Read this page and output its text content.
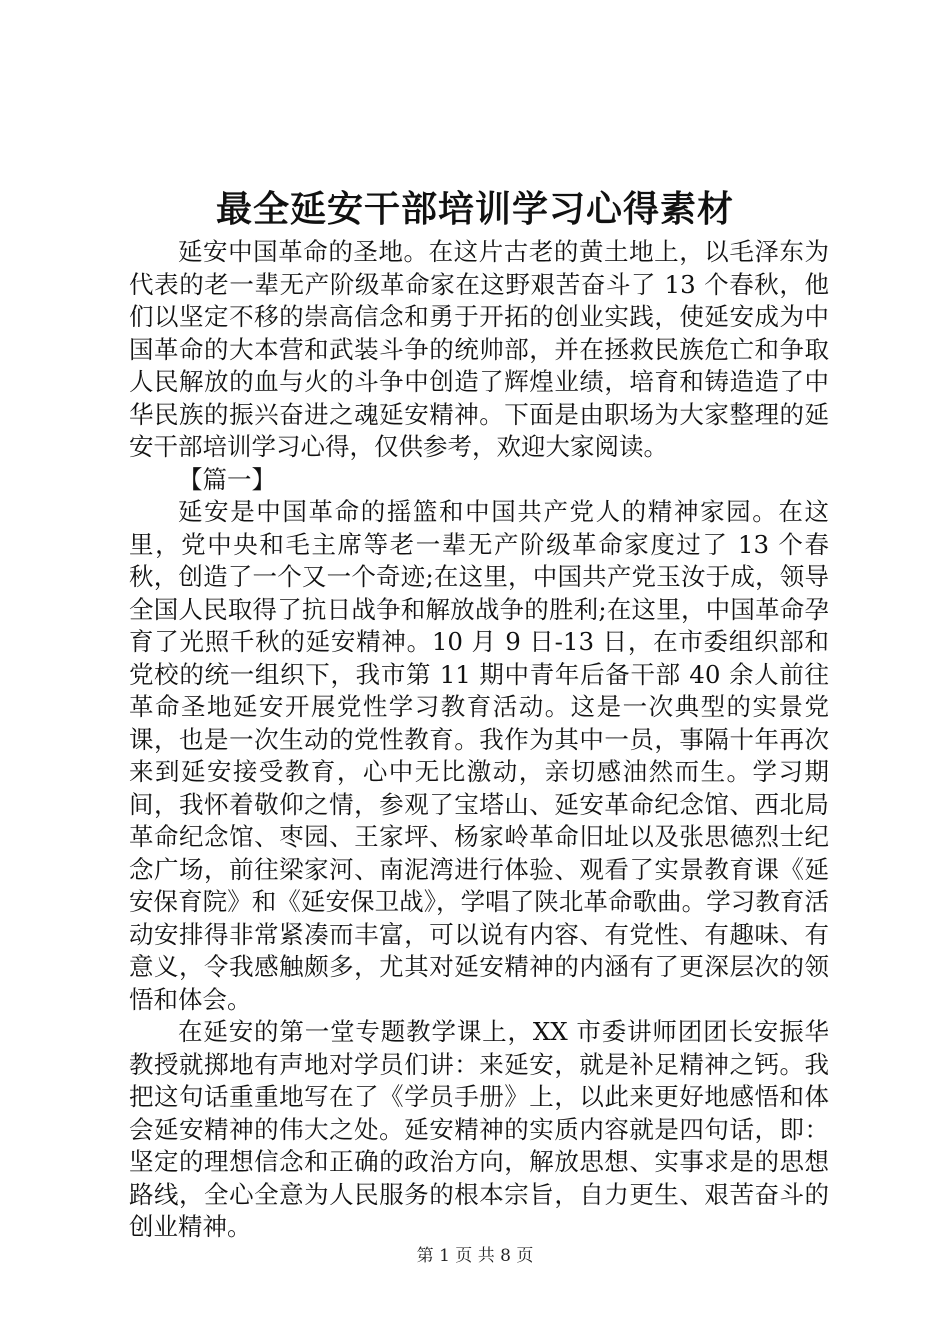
最全延安干部培训学习心得素材

延安中国革命的圣地。在这片古老的黄土地上，以毛泽东为代表的老一辈无产阶级革命家在这野艰苦奋斗了 13 个春秋，他们以坚定不移的崇高信念和勇于开拓的创业实践，使延安成为中国革命的大本营和武装斗争的统帅部，并在拯救民族危亡和争取人民解放的血与火的斗争中创造了辉煌业绩，培育和铸造造了中华民族的振兴奋进之魂延安精神。下面是由职场为大家整理的延安干部培训学习心得，仅供参考，欢迎大家阅读。

【篇一】

延安是中国革命的摇篮和中国共产党人的精神家园。在这里，党中央和毛主席等老一辈无产阶级革命家度过了 13 个春秋，创造了一个又一个奇迹;在这里，中国共产党玉汝于成，领导全国人民取得了抗日战争和解放战争的胜利;在这里，中国革命孕育了光照千秋的延安精神。10 月 9 日-13 日，在市委组织部和党校的统一组织下，我市第 11 期中青年后备干部 40 余人前往革命圣地延安开展党性学习教育活动。这是一次典型的实景党课，也是一次生动的党性教育。我作为其中一员，事隔十年再次来到延安接受教育，心中无比激动，亲切感油然而生。学习期间，我怀着敬仰之情，参观了宝塔山、延安革命纪念馆、西北局革命纪念馆、枣园、王家坪、杨家岭革命旧址以及张思德烈士纪念广场，前往梁家河、南泥湾进行体验、观看了实景教育课《延安保育院》和《延安保卫战》，学唱了陕北革命歌曲。学习教育活动安排得非常紧凑而丰富，可以说有内容、有党性、有趣味、有意义，令我感触颇多，尤其对延安精神的内涵有了更深层次的领悟和体会。

在延安的第一堂专题教学课上，XX 市委讲师团团长安振华教授就掷地有声地对学员们讲：来延安，就是补足精神之钙。我把这句话重重地写在了《学员手册》上，以此来更好地感悟和体会延安精神的伟大之处。延安精神的实质内容就是四句话，即：坚定的理想信念和正确的政治方向，解放思想、实事求是的思想路线，全心全意为人民服务的根本宗旨，自力更生、艰苦奋斗的创业精神。

第 1 页 共 8 页
